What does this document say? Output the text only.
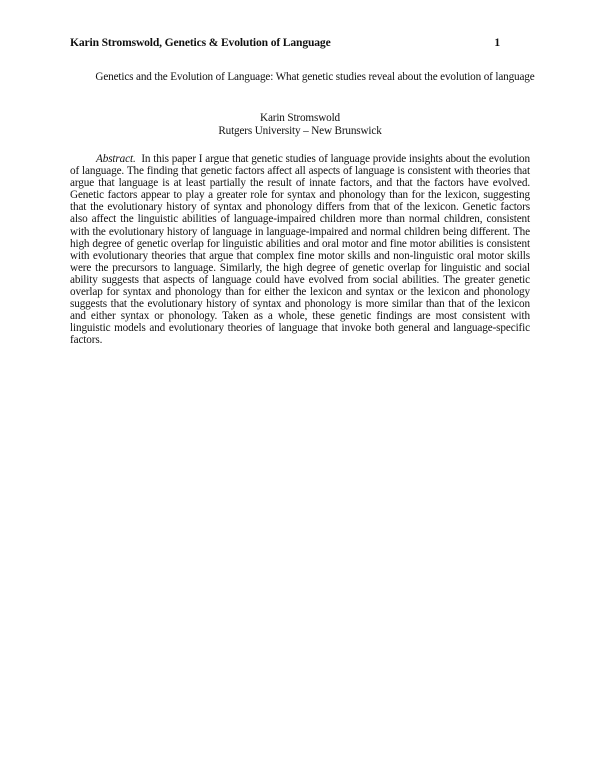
Karin Stromswold, Genetics & Evolution of Language	1
Genetics and the Evolution of Language: What genetic studies reveal about the evolution of language
Karin Stromswold
Rutgers University – New Brunswick

Abstract. In this paper I argue that genetic studies of language provide insights about the evolution of language. The finding that genetic factors affect all aspects of language is consistent with theories that argue that language is at least partially the result of innate factors, and that the factors have evolved. Genetic factors appear to play a greater role for syntax and phonology than for the lexicon, suggesting that the evolutionary history of syntax and phonology differs from that of the lexicon. Genetic factors also affect the linguistic abilities of language-impaired children more than normal children, consistent with the evolutionary history of language in language-impaired and normal children being different. The high degree of genetic overlap for linguistic abilities and oral motor and fine motor abilities is consistent with evolutionary theories that argue that complex fine motor skills and non-linguistic oral motor skills were the precursors to language. Similarly, the high degree of genetic overlap for linguistic and social ability suggests that aspects of language could have evolved from social abilities. The greater genetic overlap for syntax and phonology than for either the lexicon and syntax or the lexicon and phonology suggests that the evolutionary history of syntax and phonology is more similar than that of the lexicon and either syntax or phonology. Taken as a whole, these genetic findings are most consistent with linguistic models and evolutionary theories of language that invoke both general and language-specific factors.
